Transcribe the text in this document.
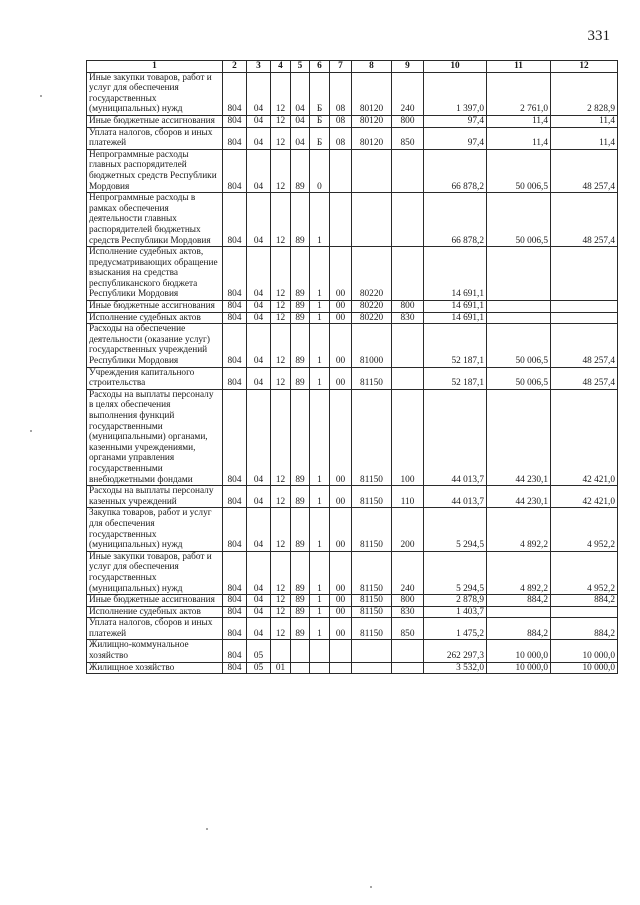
331
1	2	3	4	5	6	7	8	9	10	11	12
Иные закупки товаров, работ и услуг для обеспечения государственных (муниципальных) нужд	804	04	12	04	Б	08	80120	240	1 397,0	2 761,0	2 828,9
Иные бюджетные ассигнования	804	04	12	04	Б	08	80120	800	97,4	11,4	11,4
Уплата налогов, сборов и иных платежей	804	04	12	04	Б	08	80120	850	97,4	11,4	11,4
Непрограммные расходы главных распорядителей бюджетных средств Республики Мордовия	804	04	12	89	0				66 878,2	50 006,5	48 257,4
Непрограммные расходы в рамках обеспечения деятельности главных распорядителей бюджетных средств Республики Мордовия	804	04	12	89	1				66 878,2	50 006,5	48 257,4
Исполнение судебных актов, предусматривающих обращение взыскания на средства республиканского бюджета Республики Мордовия	804	04	12	89	1	00	80220		14 691,1		
Иные бюджетные ассигнования	804	04	12	89	1	00	80220	800	14 691,1		
Исполнение судебных актов	804	04	12	89	1	00	80220	830	14 691,1		
Расходы на обеспечение деятельности (оказание услуг) государственных учреждений Республики Мордовия	804	04	12	89	1	00	81000		52 187,1	50 006,5	48 257,4
Учреждения капитального строительства	804	04	12	89	1	00	81150		52 187,1	50 006,5	48 257,4
Расходы на выплаты персоналу в целях обеспечения выполнения функций государственными (муниципальными) органами, казенными учреждениями, органами управления государственными внебюджетными фондами	804	04	12	89	1	00	81150	100	44 013,7	44 230,1	42 421,0
Расходы на выплаты персоналу казенных учреждений	804	04	12	89	1	00	81150	110	44 013,7	44 230,1	42 421,0
Закупка товаров, работ и услуг для обеспечения государственных (муниципальных) нужд	804	04	12	89	1	00	81150	200	5 294,5	4 892,2	4 952,2
Иные закупки товаров, работ и услуг для обеспечения государственных (муниципальных) нужд	804	04	12	89	1	00	81150	240	5 294,5	4 892,2	4 952,2
Иные бюджетные ассигнования	804	04	12	89	1	00	81150	800	2 878,9	884,2	884,2
Исполнение судебных актов	804	04	12	89	1	00	81150	830	1 403,7		
Уплата налогов, сборов и иных платежей	804	04	12	89	1	00	81150	850	1 475,2	884,2	884,2
Жилищно-коммунальное хозяйство	804	05							262 297,3	10 000,0	10 000,0
Жилищное хозяйство	804	05	01						3 532,0	10 000,0	10 000,0
